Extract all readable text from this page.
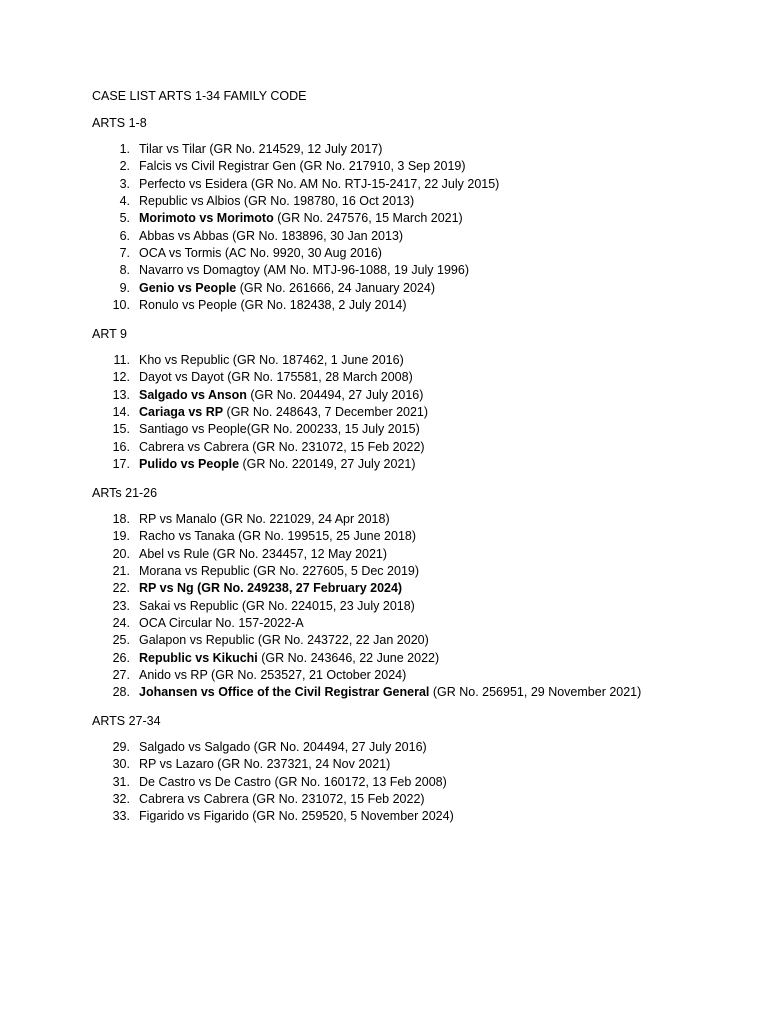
CASE LIST ARTS 1-34 FAMILY CODE
ARTS 1-8
1. Tilar vs Tilar (GR No. 214529, 12 July 2017)
2. Falcis vs Civil Registrar Gen (GR No. 217910, 3 Sep 2019)
3. Perfecto vs Esidera (GR No. AM No. RTJ-15-2417, 22 July 2015)
4. Republic vs Albios (GR No. 198780, 16 Oct 2013)
5. Morimoto vs Morimoto (GR No. 247576, 15 March 2021)
6. Abbas vs Abbas (GR No. 183896, 30 Jan 2013)
7. OCA vs Tormis (AC No. 9920, 30 Aug 2016)
8. Navarro vs Domagtoy (AM No. MTJ-96-1088, 19 July 1996)
9. Genio vs People (GR No. 261666, 24 January 2024)
10. Ronulo vs People (GR No. 182438, 2 July 2014)
ART 9
11. Kho vs Republic (GR No. 187462, 1 June 2016)
12. Dayot vs Dayot (GR No. 175581, 28 March 2008)
13. Salgado vs Anson (GR No. 204494, 27 July 2016)
14. Cariaga vs RP (GR No. 248643, 7 December 2021)
15. Santiago vs People(GR No. 200233, 15 July 2015)
16. Cabrera vs Cabrera (GR No. 231072, 15 Feb 2022)
17. Pulido vs People (GR No. 220149, 27 July 2021)
ARTs 21-26
18. RP vs Manalo (GR No. 221029, 24 Apr 2018)
19. Racho vs Tanaka (GR No. 199515, 25 June 2018)
20. Abel vs Rule (GR No. 234457, 12 May 2021)
21. Morana vs Republic (GR No. 227605, 5 Dec 2019)
22. RP vs Ng (GR No. 249238, 27 February 2024)
23. Sakai vs Republic (GR No. 224015, 23 July 2018)
24. OCA Circular No. 157-2022-A
25. Galapon vs Republic (GR No. 243722, 22 Jan 2020)
26. Republic vs Kikuchi (GR No. 243646, 22 June 2022)
27. Anido vs RP (GR No. 253527, 21 October 2024)
28. Johansen vs Office of the Civil Registrar General (GR No. 256951, 29 November 2021)
ARTS 27-34
29. Salgado vs Salgado (GR No. 204494, 27 July 2016)
30. RP vs Lazaro (GR No. 237321, 24 Nov 2021)
31. De Castro vs De Castro (GR No. 160172, 13 Feb 2008)
32. Cabrera vs Cabrera (GR No. 231072, 15 Feb 2022)
33. Figarido vs Figarido (GR No. 259520, 5 November 2024)
